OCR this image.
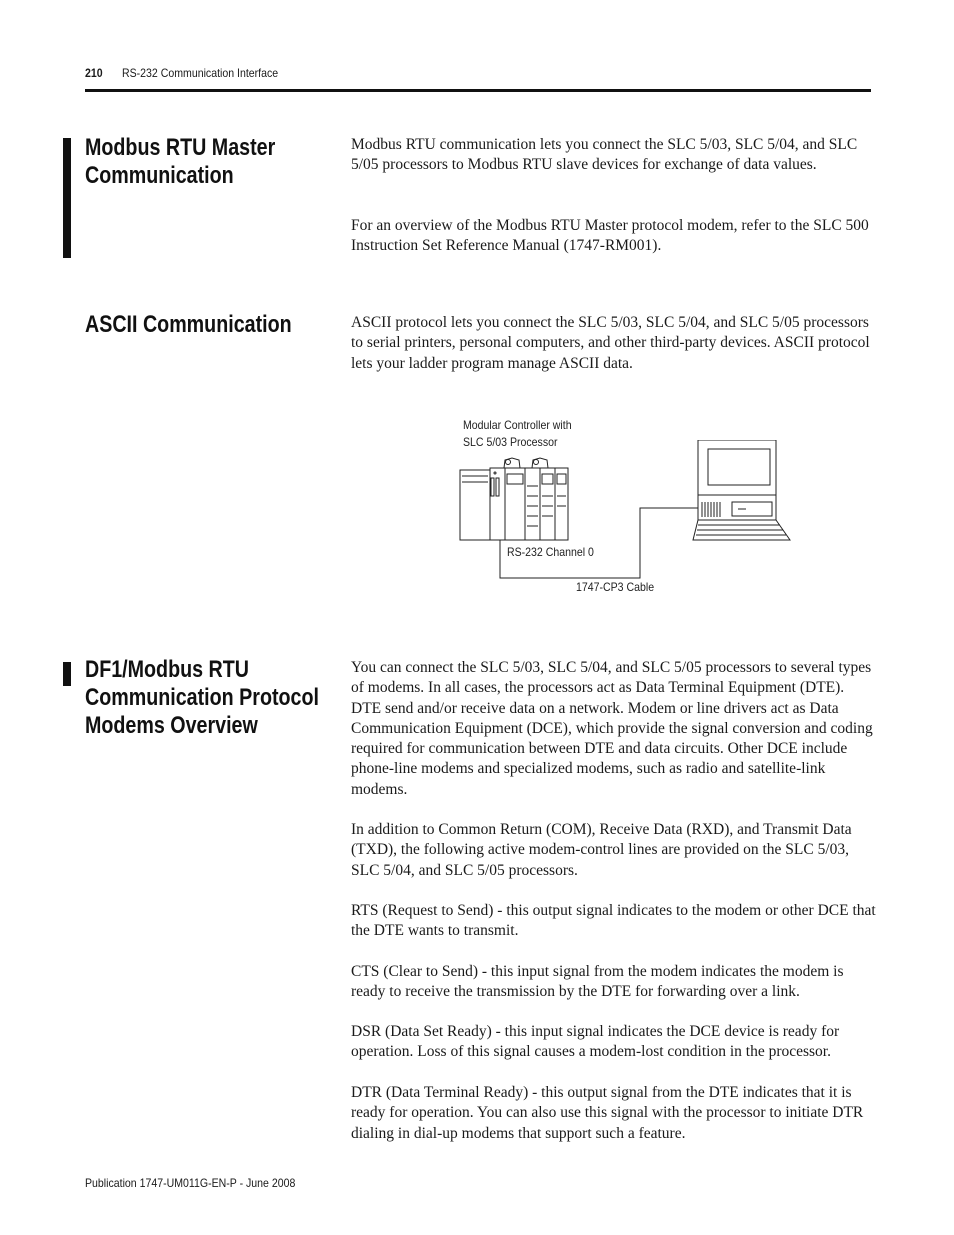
210 RS-232 Communication Interface
Modbus RTU Master
Communication

Modbus RTU communication lets you connect the SLC 5/03, SLC 5/04, and SLC 5/05 processors to Modbus RTU slave devices for exchange of data values.

For an overview of the Modbus RTU Master protocol modem, refer to the SLC 500 Instruction Set Reference Manual (1747-RM001).

ASCII Communication	ASCII protocol lets you connect the SLC 5/03, SLC 5/04, and SLC 5/05 processors to serial printers, personal computers, and other third-party devices. ASCII protocol lets your ladder program manage ASCII data.

Modular Controller with
SLC 5/03 Processor
RS-232 Channel 0
1747-CP3 Cable
DF1/Modbus RTU
Communication Protocol
Modems Overview

You can connect the SLC 5/03, SLC 5/04, and SLC 5/05 processors to several types of modems. In all cases, the processors act as Data Terminal Equipment (DTE). DTE send and/or receive data on a network. Modem or line drivers act as Data Communication Equipment (DCE), which provide the signal conversion and coding required for communication between DTE and data circuits. Other DCE include phone-line modems and specialized modems, such as radio and satellite-link modems.

In addition to Common Return (COM), Receive Data (RXD), and Transmit Data (TXD), the following active modem-control lines are provided on the SLC 5/03, SLC 5/04, and SLC 5/05 processors.

RTS (Request to Send) - this output signal indicates to the modem or other DCE that the DTE wants to transmit.

CTS (Clear to Send) - this input signal from the modem indicates the modem is ready to receive the transmission by the DTE for forwarding over a link.

DSR (Data Set Ready) - this input signal indicates the DCE device is ready for operation. Loss of this signal causes a modem-lost condition in the processor.

DTR (Data Terminal Ready) - this output signal from the DTE indicates that it is ready for operation. You can also use this signal with the processor to initiate DTR dialing in dial-up modems that support such a feature.

Publication 1747-UM011G-EN-P - June 2008
